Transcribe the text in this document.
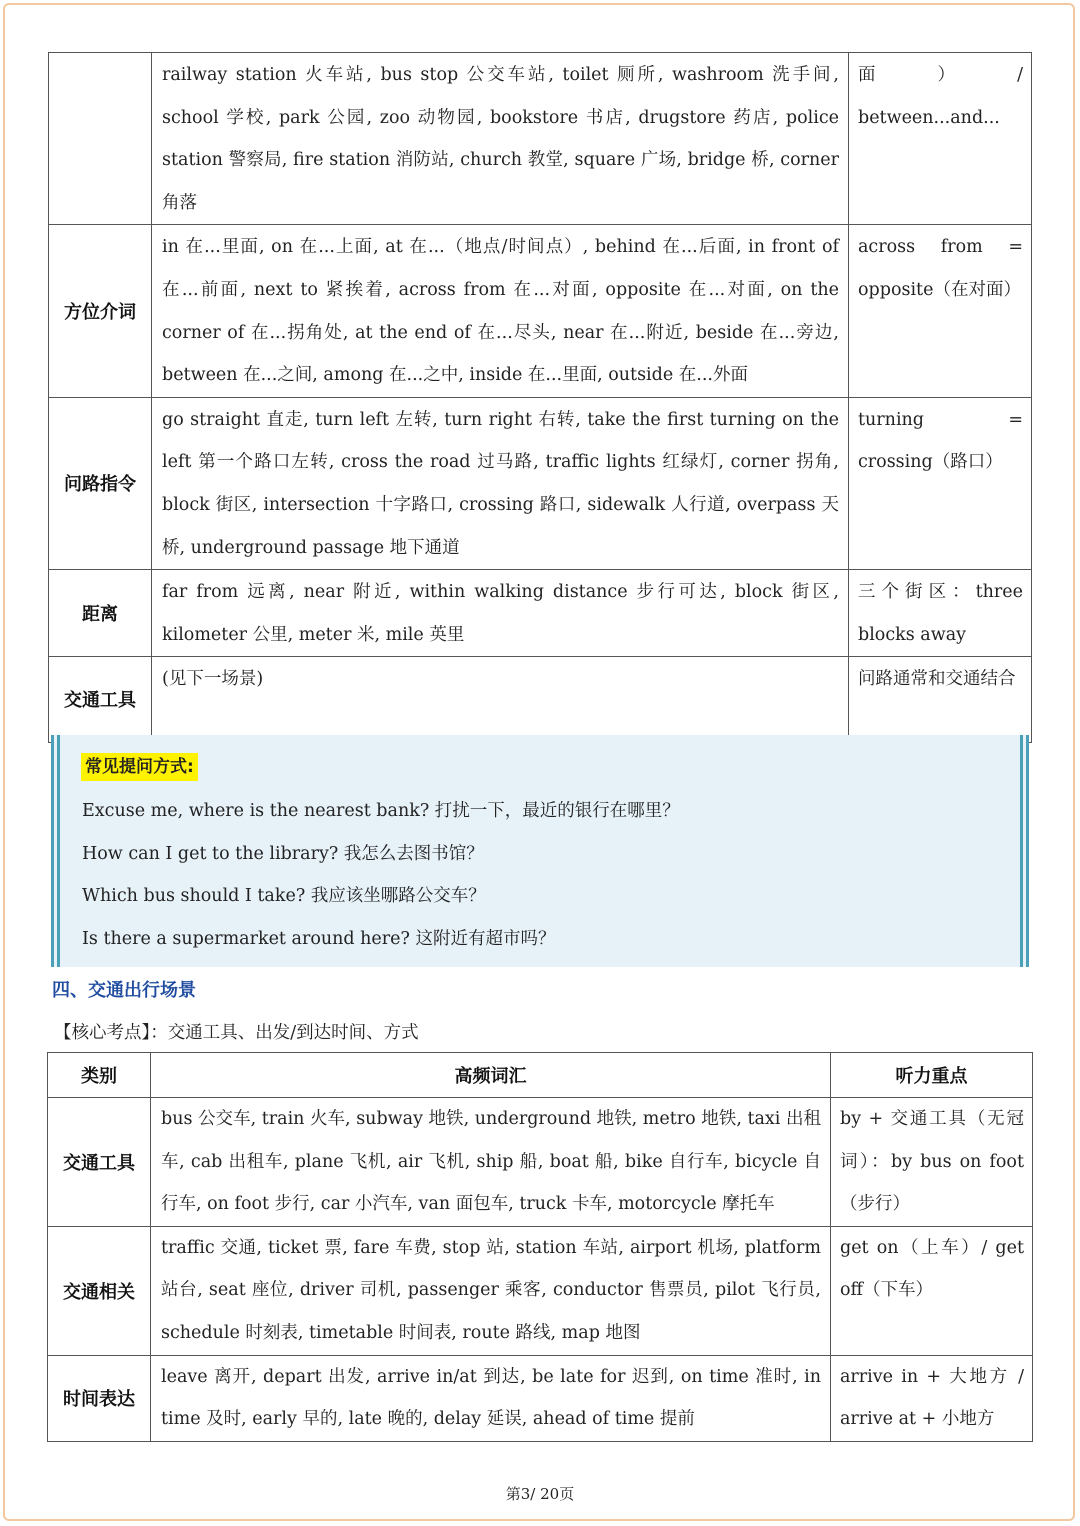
	railway station 火车站, bus stop 公交车站, toilet 厕所, washroom 洗手间, school 学校, park 公园, zoo 动物园, bookstore 书店, drugstore 药店, police station 警察局, fire station 消防站, church 教堂, square 广场, bridge 桥, corner 角落	面）/ between...and...
方位介词	in 在...里面, on 在...上面, at 在...（地点/时间点）, behind 在...后面, in front of 在...前面, next to 紧挨着, across from 在...对面, opposite 在...对面, on the corner of 在...拐角处, at the end of 在...尽头, near 在...附近, beside 在...旁边, between 在...之间, among 在...之中, inside 在...里面, outside 在...外面	across from = opposite（在对面）
问路指令	go straight 直走, turn left 左转, turn right 右转, take the first turning on the left 第一个路口左转, cross the road 过马路, traffic lights 红绿灯, corner 拐角, block 街区, intersection 十字路口, crossing 路口, sidewalk 人行道, overpass 天桥, underground passage 地下通道	turning = crossing（路口）
距离	far from 远离, near 附近, within walking distance 步行可达, block 街区, kilometer 公里, meter 米, mile 英里	三个街区：three blocks away
交通工具	(见下一场景)	问路通常和交通结合
常见提问方式:
Excuse me, where is the nearest bank? 打扰一下，最近的银行在哪里？
How can I get to the library? 我怎么去图书馆？
Which bus should I take? 我应该坐哪路公交车？
Is there a supermarket around here? 这附近有超市吗？
四、交通出行场景
【核心考点】：交通工具、出发/到达时间、方式
类别	高频词汇	听力重点
交通工具	bus 公交车, train 火车, subway 地铁, underground 地铁, metro 地铁, taxi 出租车, cab 出租车, plane 飞机, air 飞机, ship 船, boat 船, bike 自行车, bicycle 自行车, on foot 步行, car 小汽车, van 面包车, truck 卡车, motorcycle 摩托车	by + 交通工具（无冠词）：by bus on foot（步行）
交通相关	traffic 交通, ticket 票, fare 车费, stop 站, station 车站, airport 机场, platform 站台, seat 座位, driver 司机, passenger 乘客, conductor 售票员, pilot 飞行员, schedule 时刻表, timetable 时间表, route 路线, map 地图	get on（上车）/ get off（下车）
时间表达	leave 离开, depart 出发, arrive in/at 到达, be late for 迟到, on time 准时, in time 及时, early 早的, late 晚的, delay 延误, ahead of time 提前	arrive in + 大地方 / arrive at + 小地方
第3/ 20页
